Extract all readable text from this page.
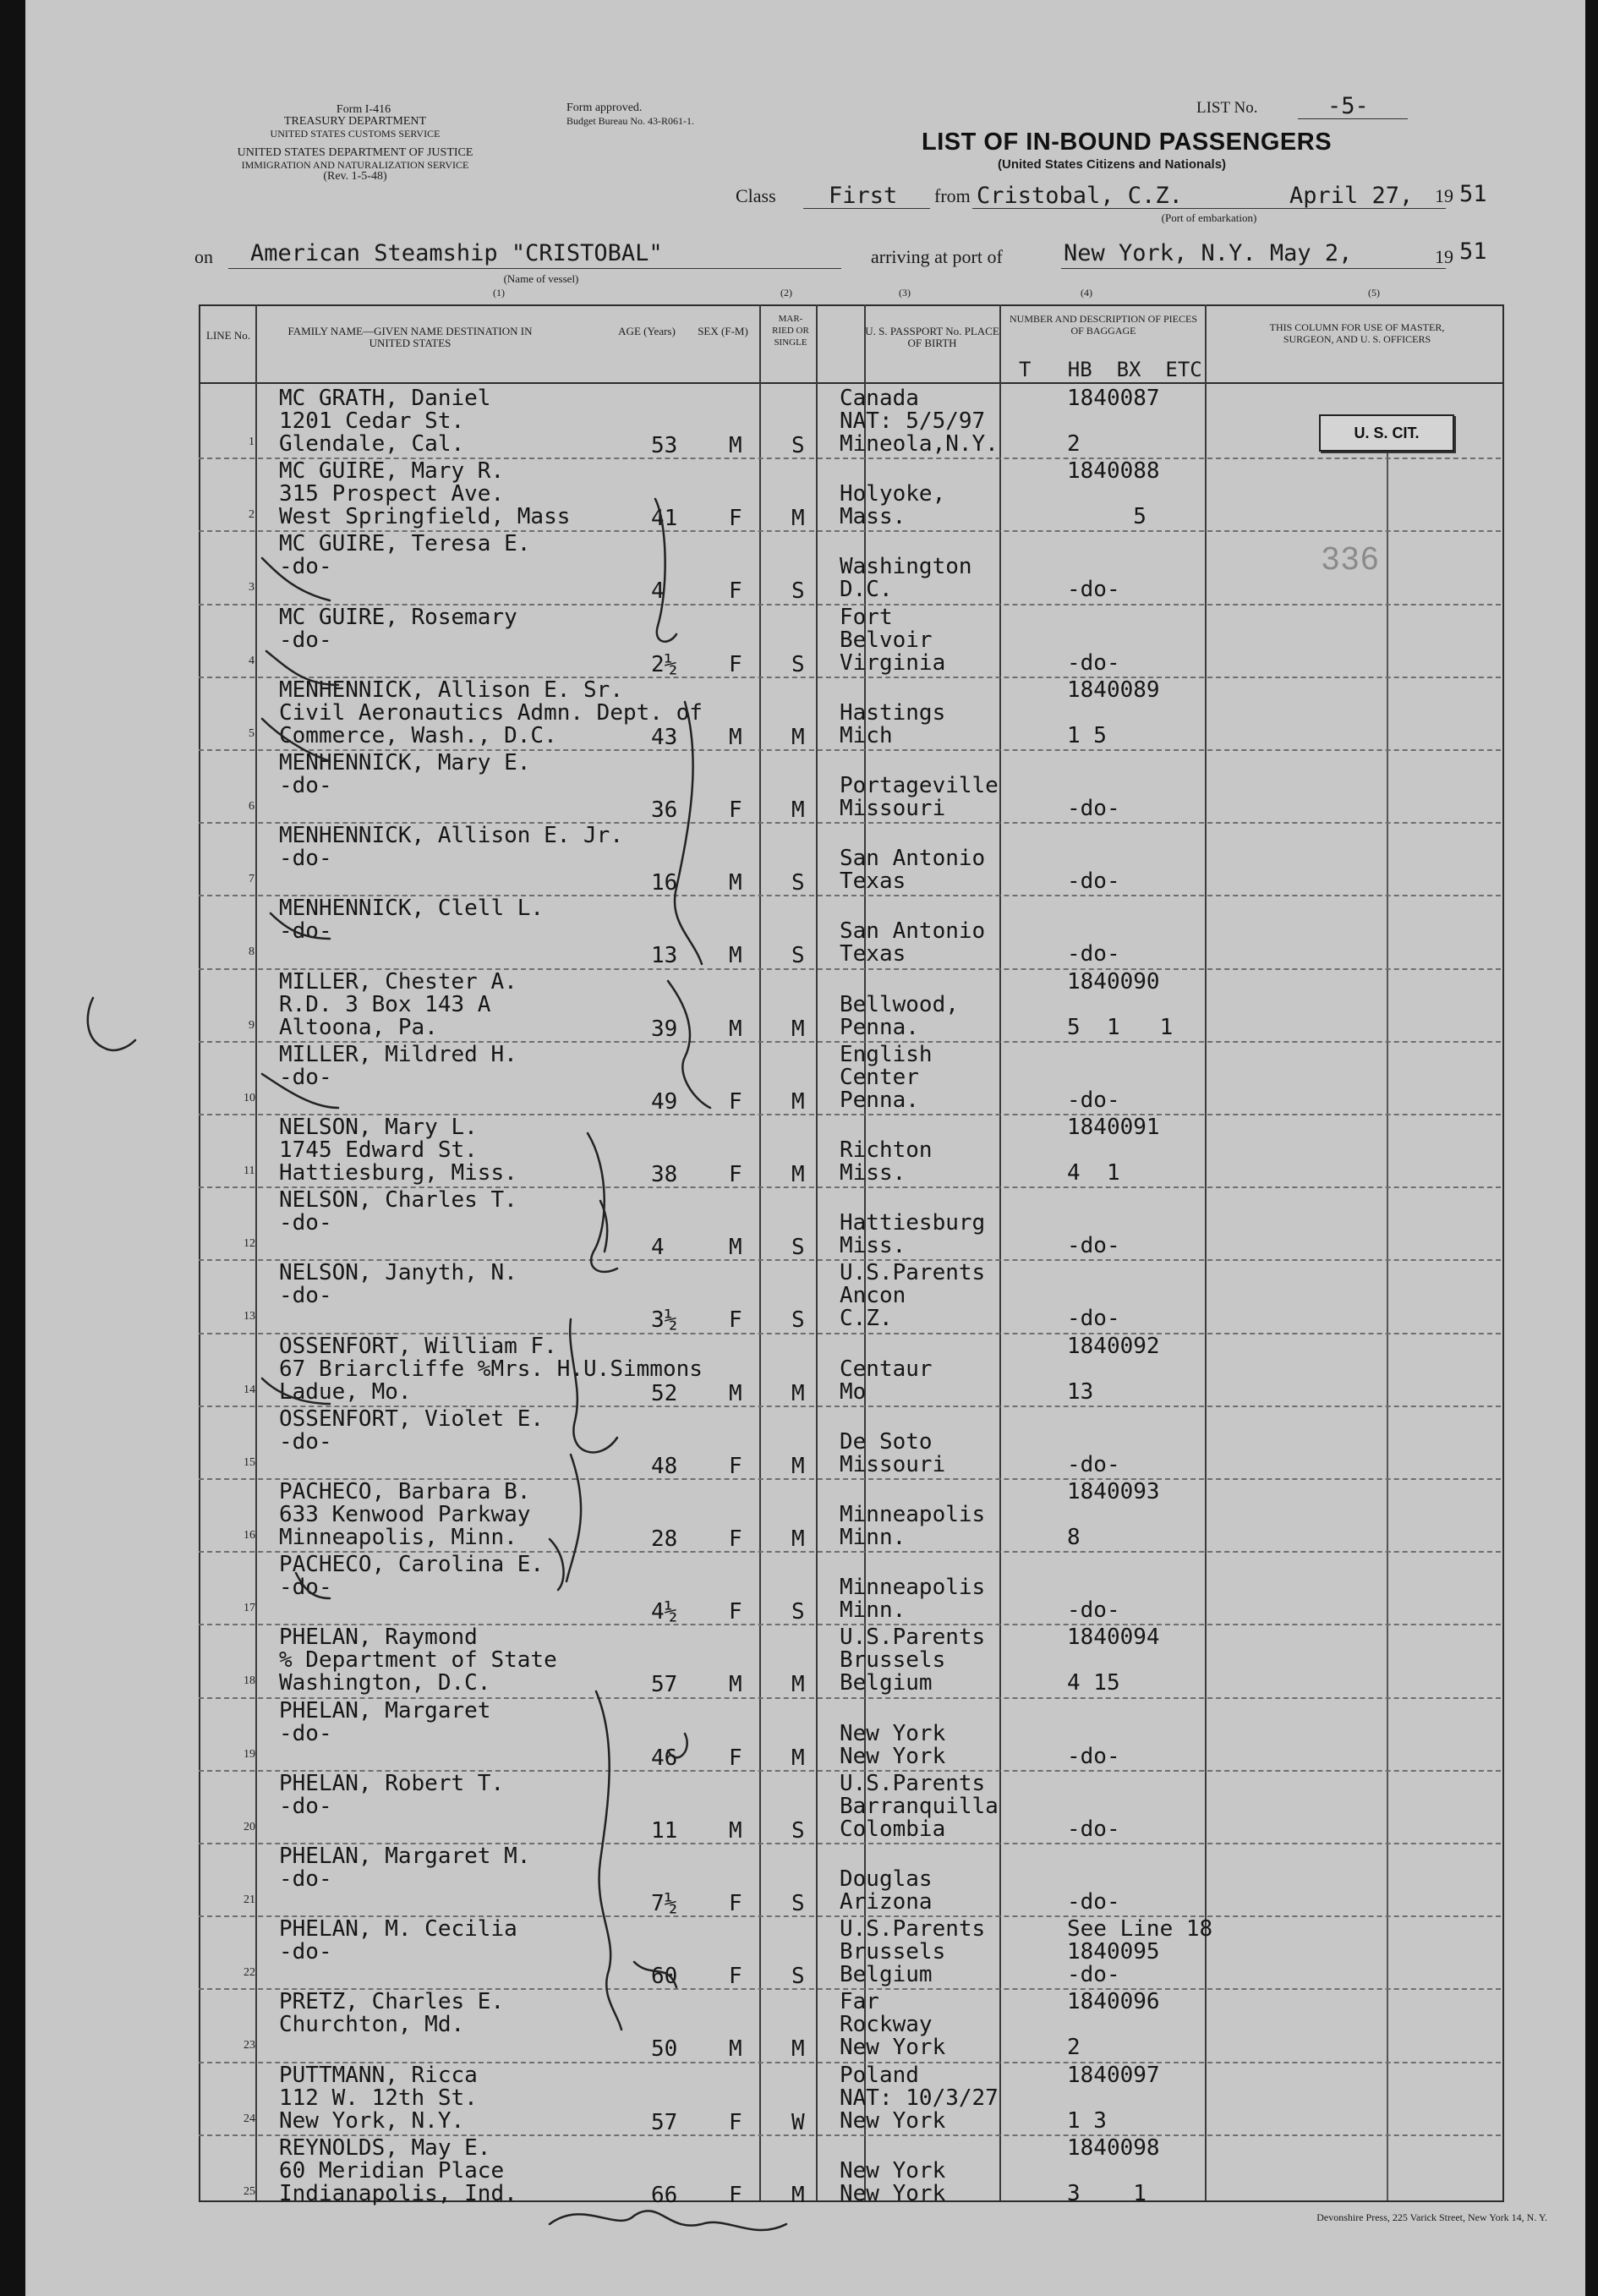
Form I-416
TREASURY DEPARTMENT
UNITED STATES CUSTOMS SERVICE
UNITED STATES DEPARTMENT OF JUSTICE
IMMIGRATION AND NATURALIZATION SERVICE
(Rev. 1-5-48)
Form approved.
Budget Bureau No. 43-R061-1.
LIST No.	-5-
LIST OF IN-BOUND PASSENGERS
(United States Citizens and Nationals)
Class	First from Cristobal, C.Z.	April 27,	19 51
(Port of embarkation)
on	American Steamship "CRISTOBAL"
(Name of vessel)
arriving at port of	New York, N.Y. May 2,	19 51
(1)	(2)	(3)	(4)	(5)
LINE No.	FAMILY NAME—GIVEN NAME DESTINATION IN UNITED STATES
AGE (Years)	SEX (F-M)
MAR-RIED OR SINGLE
U. S. PASSPORT No. PLACE OF BIRTH
NUMBER AND DESCRIPTION OF PIECES OF BAGGAGE
T   HB  BX  ETC
THIS COLUMN FOR USE OF MASTER, SURGEON, AND U. S. OFFICERS
U. S. CIT.
336
1
MC GRATH, Daniel	Canada	1840087
1201 Cedar St.	NAT: 5/5/97
Glendale, Cal.	Mineola,N.Y.	2
53 M S
2
MC GUIRE, Mary R.	1840088
315 Prospect Ave.	Holyoke,
West Springfield, Mass	Mass.	5
41 F M
3
MC GUIRE, Teresa E.
-do-	Washington
D.C.	-do-
4	F S
4
MC GUIRE, Rosemary	Fort
-do-	Belvoir
Virginia	-do-
2½ F S
5
MENHENNICK, Allison E. Sr.	1840089
Civil Aeronautics Admn. Dept. of	Hastings
Commerce, Wash., D.C.	Mich	1 5
43 M M
6
MENHENNICK, Mary E.
-do-	Portageville
Missouri	-do-
36 F M
7
MENHENNICK, Allison E. Jr.
-do-	San Antonio
Texas	-do-
16 M S
8
MENHENNICK, Clell L.
-do-	San Antonio
Texas	-do-
13 M S
9
MILLER, Chester A.	1840090
R.D. 3 Box 143 A	Bellwood,
Altoona, Pa.	Penna.	5  1   1
39 M M
10
MILLER, Mildred H.	English
-do-	Center
Penna.	-do-
49 F M
11
NELSON, Mary L.	1840091
1745 Edward St.	Richton
Hattiesburg, Miss.	Miss.	4  1
38 F M
12
NELSON, Charles T.
-do-	Hattiesburg
Miss.	-do-
4	M S
13
NELSON, Janyth, N.	U.S.Parents
-do-	Ancon
C.Z.	-do-
3½ F S
14
OSSENFORT, William F.	1840092
67 Briarcliffe %Mrs. H.U.Simmons	Centaur
Ladue, Mo.	Mo	13
52 M M
15
OSSENFORT, Violet E.
-do-	De Soto
Missouri	-do-
48 F M
16
PACHECO, Barbara B.	1840093
633 Kenwood Parkway	Minneapolis
Minneapolis, Minn.	Minn.	8
28 F M
17
PACHECO, Carolina E.
-do-	Minneapolis
Minn.	-do-
4½ F S
18
PHELAN, Raymond	U.S.Parents	1840094
% Department of State	Brussels
Washington, D.C.	Belgium	4 15
57 M M
19
PHELAN, Margaret
-do-	New York
New York	-do-
46 F M
20
PHELAN, Robert T.	U.S.Parents
-do-	Barranquilla
Colombia	-do-
11 M S
21
PHELAN, Margaret M.
-do-	Douglas
Arizona	-do-
7½ F S
22
PHELAN, M. Cecilia	U.S.Parents	See Line 18
-do-	Brussels	1840095
Belgium	-do-
60 F S
23
PRETZ, Charles E.	Far	1840096
Churchton, Md.	Rockway
New York	2
50 M M
24
PUTTMANN, Ricca	Poland	1840097
112 W. 12th St.	NAT: 10/3/27
New York, N.Y.	New York	1 3
57 F W
25
REYNOLDS, May E.	1840098
60 Meridian Place	New York
Indianapolis, Ind.	New York	3    1
66 F M
Devonshire Press, 225 Varick Street, New York 14, N. Y.
